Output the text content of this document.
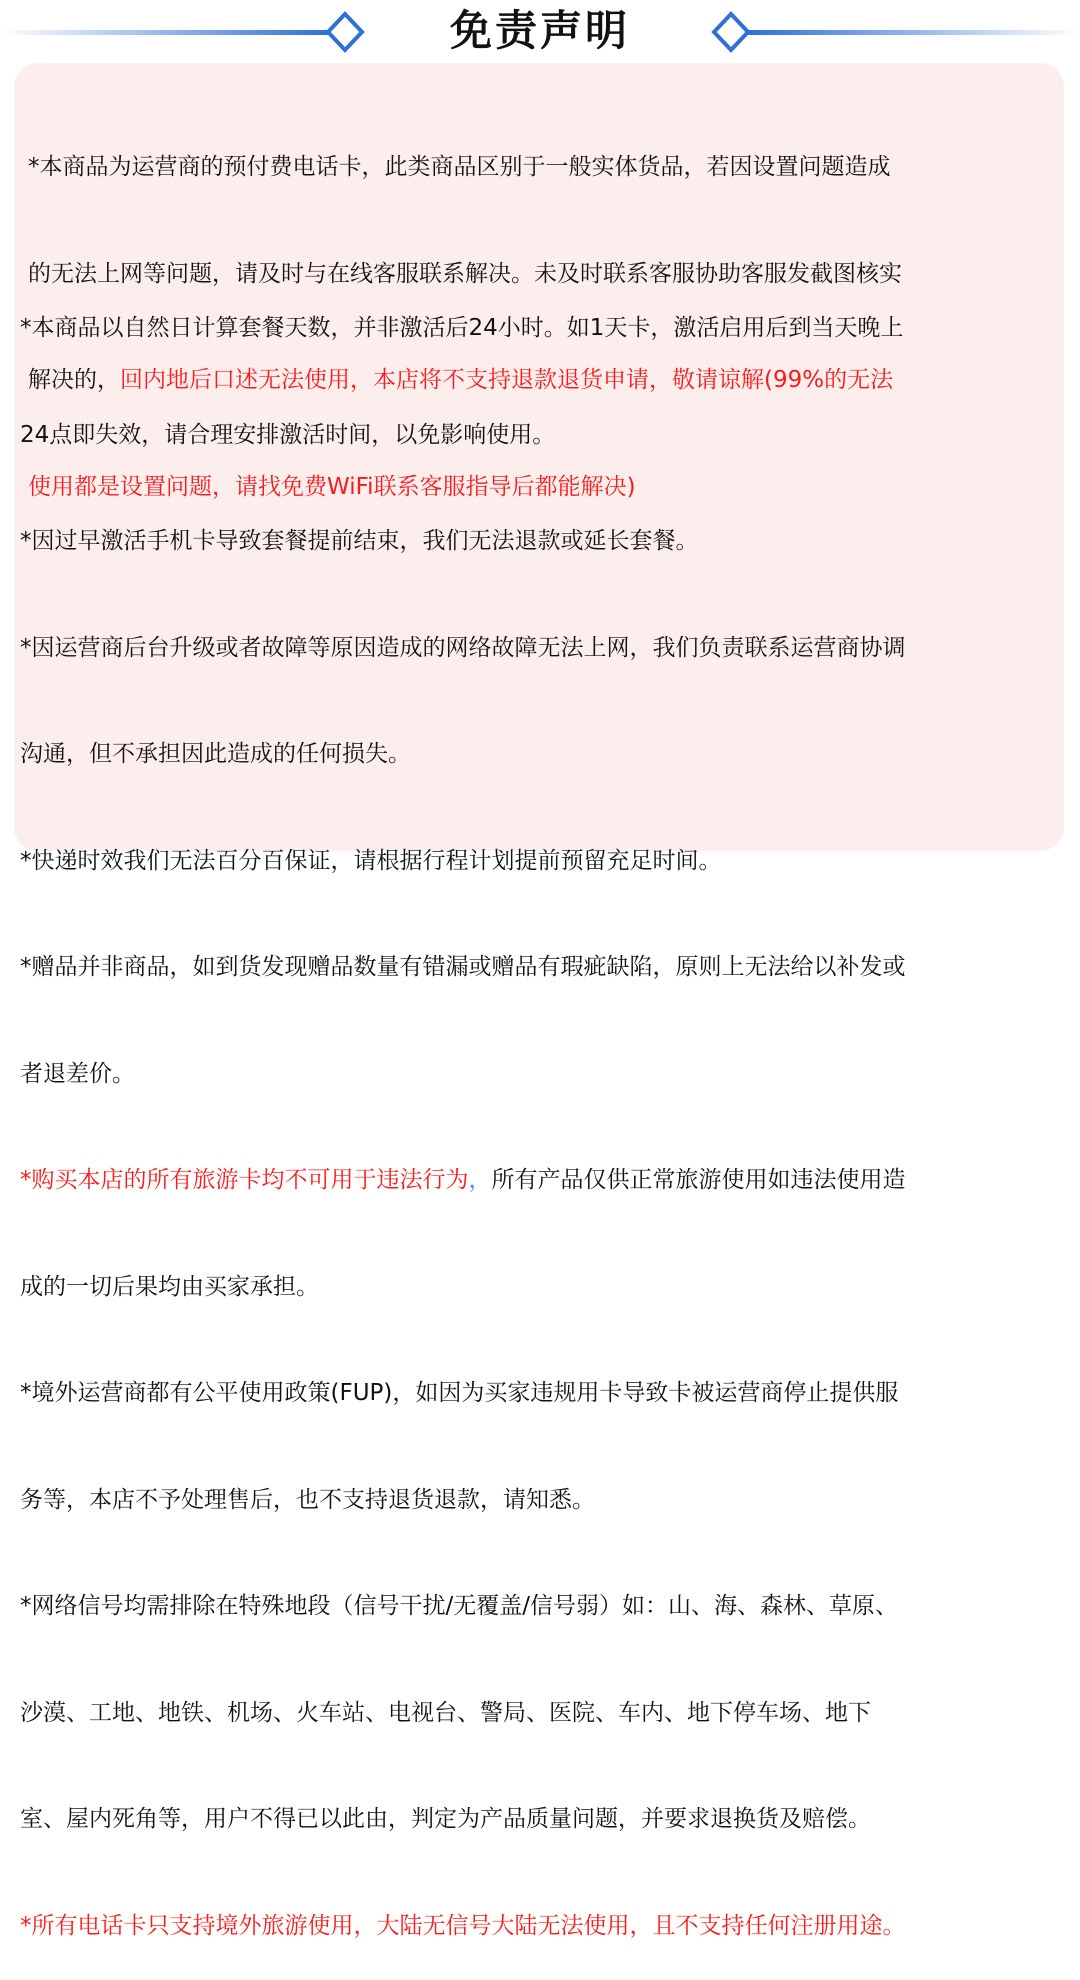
免责声明

*本商品为运营商的预付费电话卡，此类商品区别于一般实体货品，若因设置问题造成

的无法上网等问题，请及时与在线客服联系解决。未及时联系客服协助客服发截图核实

解决的，回内地后口述无法使用，本店将不支持退款退货申请，敬请谅解(99%的无法

使用都是设置问题，请找免费WiFi联系客服指导后都能解决)

*本商品以自然日计算套餐天数，并非激活后24小时。如1天卡，激活启用后到当天晚上

24点即失效，请合理安排激活时间，以免影响使用。

*因过早激活手机卡导致套餐提前结束，我们无法退款或延长套餐。

*因运营商后台升级或者故障等原因造成的网络故障无法上网，我们负责联系运营商协调

沟通，但不承担因此造成的任何损失。

*快递时效我们无法百分百保证，请根据行程计划提前预留充足时间。

*赠品并非商品，如到货发现赠品数量有错漏或赠品有瑕疵缺陷，原则上无法给以补发或

者退差价。

*购买本店的所有旅游卡均不可用于违法行为，所有产品仅供正常旅游使用如违法使用造

成的一切后果均由买家承担。

*境外运营商都有公平使用政策(FUP)，如因为买家违规用卡导致卡被运营商停止提供服

务等，本店不予处理售后，也不支持退货退款，请知悉。

*网络信号均需排除在特殊地段（信号干扰/无覆盖/信号弱）如：山、海、森林、草原、

沙漠、工地、地铁、机场、火车站、电视台、警局、医院、车内、地下停车场、地下

室、屋内死角等，用户不得已以此由，判定为产品质量问题，并要求退换货及赔偿。

*所有电话卡只支持境外旅游使用，大陆无信号大陆无法使用，且不支持任何注册用途。
